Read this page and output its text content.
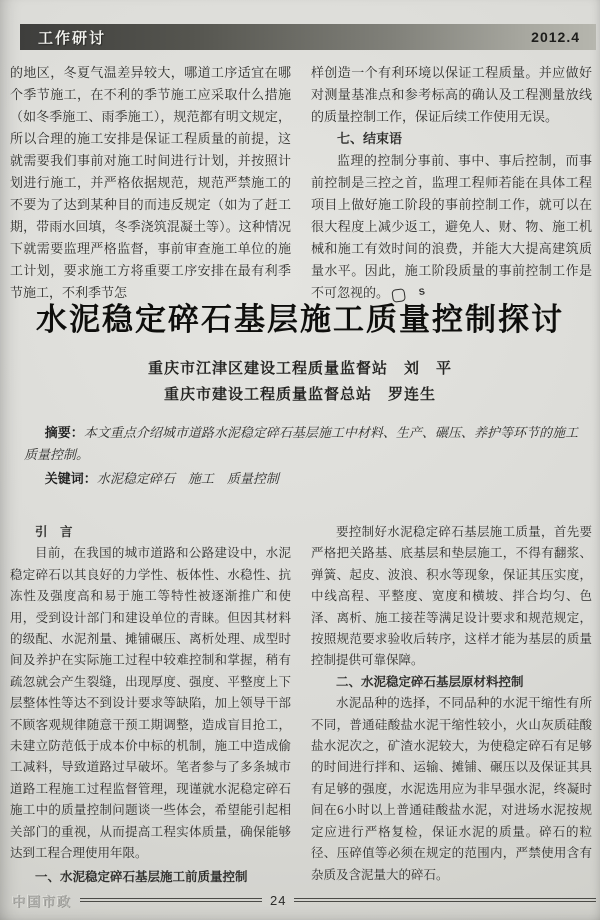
工作研讨	2012.4

的地区，冬夏气温差异较大，哪道工序适宜在哪个季节施工，在不利的季节施工应采取什么措施（如冬季施工、雨季施工），规范都有明文规定，所以合理的施工安排是保证工程质量的前提，这就需要我们事前对施工时间进行计划，并按照计划进行施工，并严格依据规范，规范严禁施工的不要为了达到某种目的而违反规定（如为了赶工期，带雨水回填，冬季浇筑混凝土等）。这种情况下就需要监理严格监督，事前审查施工单位的施工计划，要求施工方将重要工序安排在最有利季节施工，不利季节怎

样创造一个有利环境以保证工程质量。并应做好对测量基准点和参考标高的确认及工程测量放线的质量控制工作，保证后续工作使用无误。

七、结束语

监理的控制分事前、事中、事后控制，而事前控制是三控之首，监理工程师若能在具体工程项目上做好施工阶段的事前控制工作，就可以在很大程度上减少返工，避免人、财、物、施工机械和施工有效时间的浪费，并能大大提高建筑质量水平。因此，施工阶段质量的事前控制工作是不可忽视的。	S

水泥稳定碎石基层施工质量控制探讨

重庆市江津区建设工程质量监督站　刘　平

重庆市建设工程质量监督总站　罗连生

摘要：本文重点介绍城市道路水泥稳定碎石基层施工中材料、生产、碾压、养护等环节的施工质量控制。
关键词：水泥稳定碎石　施工　质量控制

引　言

目前，在我国的城市道路和公路建设中，水泥稳定碎石以其良好的力学性、板体性、水稳性、抗冻性及强度高和易于施工等特性被逐渐推广和使用，受到设计部门和建设单位的青睐。但因其材料的级配、水泥剂量、摊铺碾压、离析处理、成型时间及养护在实际施工过程中较难控制和掌握，稍有疏忽就会产生裂缝，出现厚度、强度、平整度上下层整体性等达不到设计要求等缺陷，加上领导干部不顾客观规律随意干预工期调整，造成盲目抢工，未建立防范低于成本价中标的机制，施工中造成偷工减料，导致道路过早破坏。笔者参与了多条城市道路工程施工过程监督管理，现谨就水泥稳定碎石施工中的质量控制问题谈一些体会，希望能引起相关部门的重视，从而提高工程实体质量，确保能够达到工程合理使用年限。

一、水泥稳定碎石基层施工前质量控制

要控制好水泥稳定碎石基层施工质量，首先要严格把关路基、底基层和垫层施工，不得有翻浆、弹簧、起皮、波浪、积水等现象，保证其压实度，中线高程、平整度、宽度和横坡、拌合均匀、色泽、离析、施工接茬等满足设计要求和规范规定，按照规范要求验收后转序，这样才能为基层的质量控制提供可靠保障。

二、水泥稳定碎石基层原材料控制

水泥品种的选择，不同品种的水泥干缩性有所不同，普通硅酸盐水泥干缩性较小，火山灰质硅酸盐水泥次之，矿渣水泥较大，为使稳定碎石有足够的时间进行拌和、运输、摊铺、碾压以及保证其具有足够的强度，水泥选用应为非早强水泥，终凝时间在6小时以上普通硅酸盐水泥，对进场水泥按规定应进行严格复检，保证水泥的质量。碎石的粒径、压碎值等必须在规定的范围内，严禁使用含有杂质及含泥量大的碎石。

中国市政	24
